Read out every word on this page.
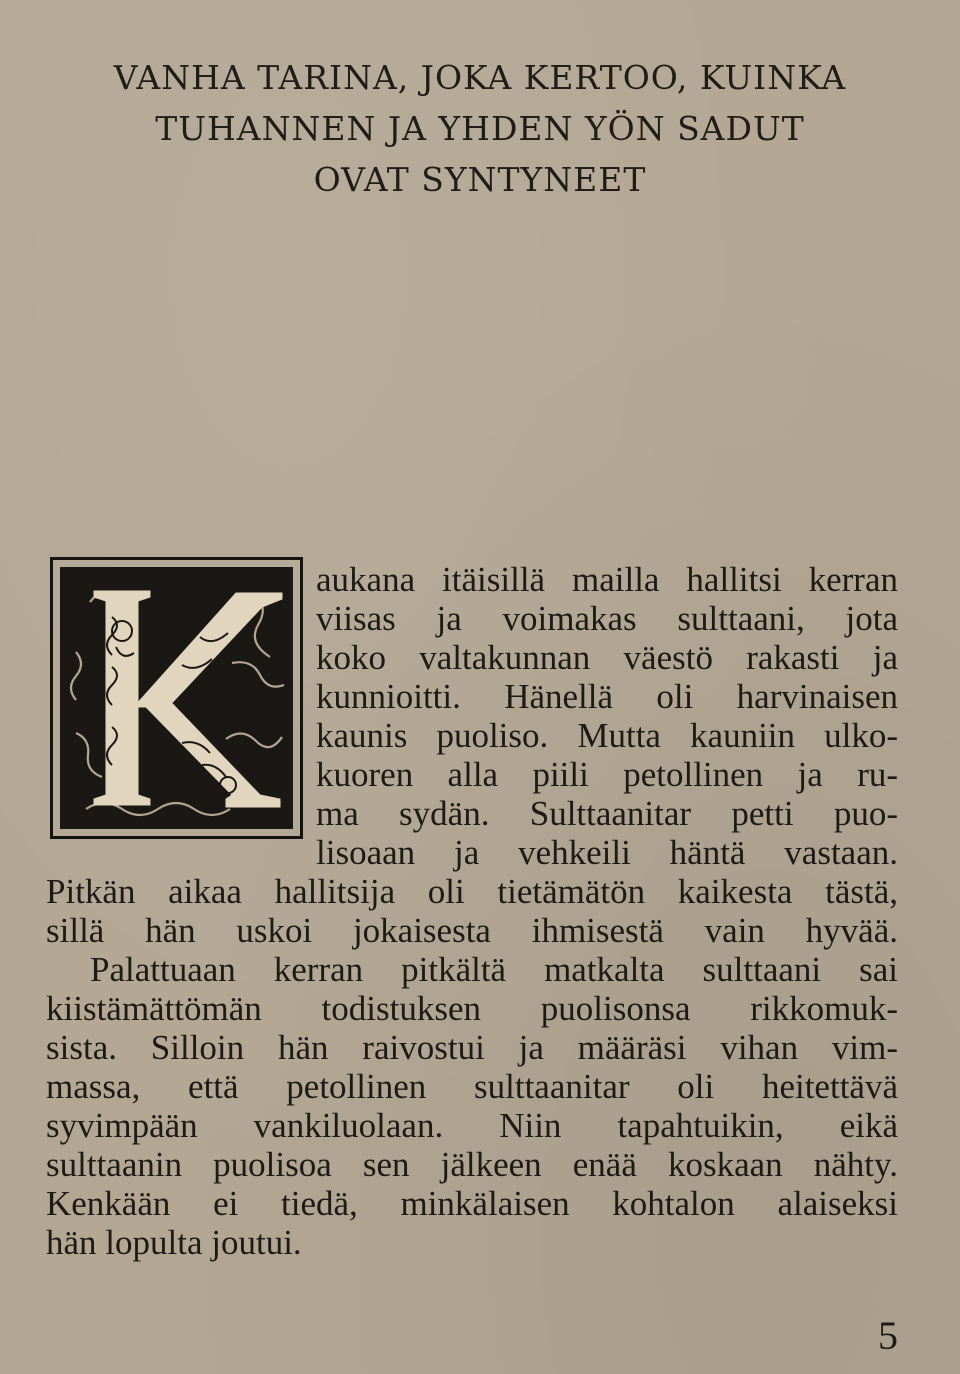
VANHA TARINA, JOKA KERTOO, KUINKA
TUHANNEN JA YHDEN YÖN SADUT
OVAT SYNTYNEET
aukana itäisillä mailla hallitsi kerran
viisas ja voimakas sulttaani, jota
koko valtakunnan väestö rakasti ja
kunnioitti. Hänellä oli harvinaisen
kaunis puoliso. Mutta kauniin ulko-
kuoren alla piili petollinen ja ru-
ma sydän. Sulttaanitar petti puo-
lisoaan ja vehkeili häntä vastaan.
Pitkän aikaa hallitsija oli tietämätön kaikesta tästä,
sillä hän uskoi jokaisesta ihmisestä vain hyvää.
Palattuaan kerran pitkältä matkalta sulttaani sai
kiistämättömän todistuksen puolisonsa rikkomuk-
sista. Silloin hän raivostui ja määräsi vihan vim-
massa, että petollinen sulttaanitar oli heitettävä
syvimpään vankiluolaan. Niin tapahtuikin, eikä
sulttaanin puolisoa sen jälkeen enää koskaan nähty.
Kenkään ei tiedä, minkälaisen kohtalon alaiseksi
hän lopulta joutui.
5
